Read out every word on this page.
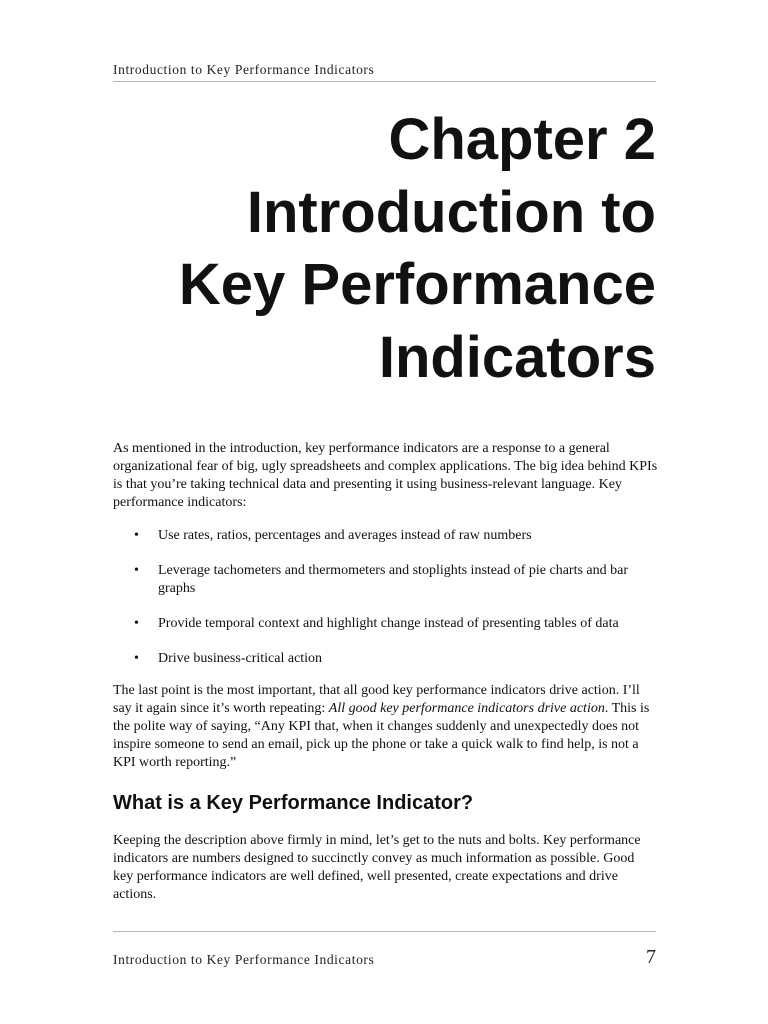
Introduction to Key Performance Indicators
Chapter 2
Introduction to
Key Performance
Indicators

As mentioned in the introduction, key performance indicators are a response to a general organizational fear of big, ugly spreadsheets and complex applications. The big idea behind KPIs is that you’re taking technical data and presenting it using business-relevant language. Key performance indicators:

• Use rates, ratios, percentages and averages instead of raw numbers
• Leverage tachometers and thermometers and stoplights instead of pie charts and bar graphs
• Provide temporal context and highlight change instead of presenting tables of data
• Drive business-critical action

The last point is the most important, that all good key performance indicators drive action. I’ll say it again since it’s worth repeating: All good key performance indicators drive action. This is the polite way of saying, “Any KPI that, when it changes suddenly and unexpectedly does not inspire someone to send an email, pick up the phone or take a quick walk to find help, is not a KPI worth reporting.”

What is a Key Performance Indicator?

Keeping the description above firmly in mind, let’s get to the nuts and bolts. Key performance indicators are numbers designed to succinctly convey as much information as possible. Good key performance indicators are well defined, well presented, create expectations and drive actions.

Introduction to Key Performance Indicators	7
